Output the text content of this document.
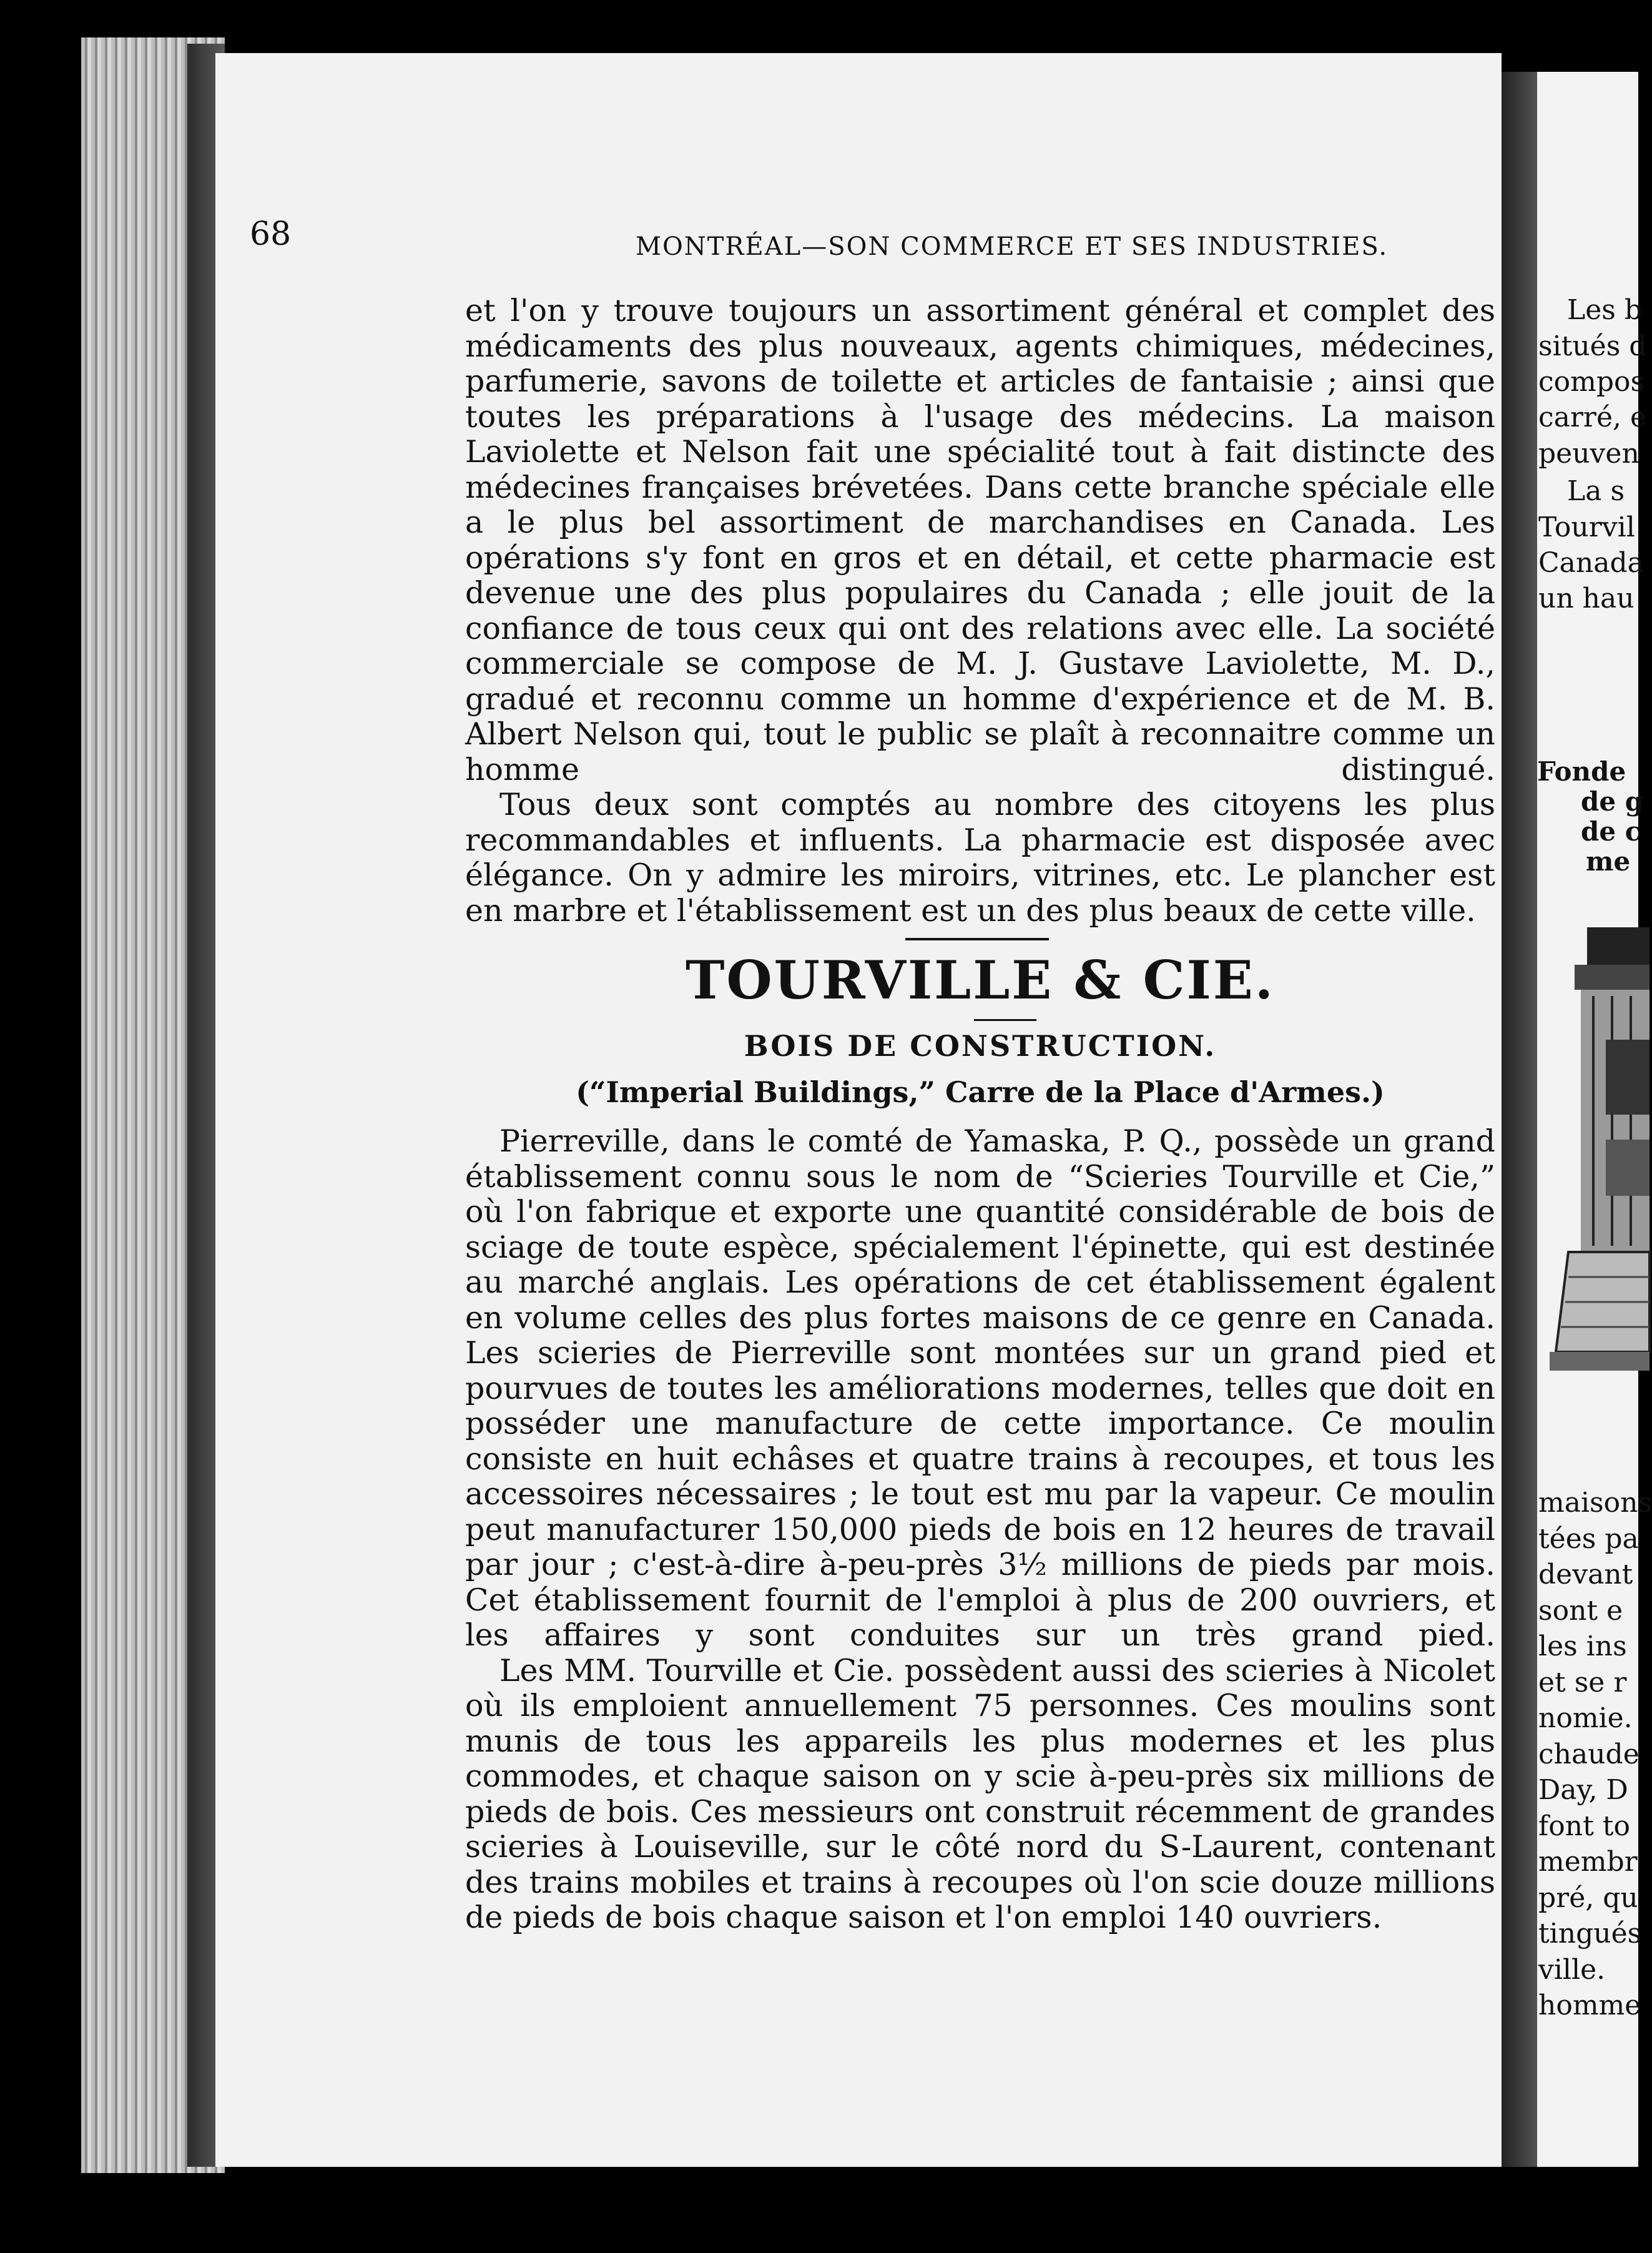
Les b
situés d
compos
carré, e
peuven
La s
Tourvil
Canada
un hau
Fonde
de g
de c
me
maisons
tées pa
devant
sont e
les ins
et se r
nomie.
chaude
Day, D
font to
membr
pré, qu
tingués
ville.
homme
68	MONTRÉAL—SON COMMERCE ET SES INDUSTRIES.

et l'on y trouve toujours un assortiment général et complet des médicaments des plus nouveaux, agents chimiques, médecines, parfumerie, savons de toilette et articles de fantaisie ; ainsi que toutes les préparations à l'usage des médecins. La maison Laviolette et Nelson fait une spécialité tout à fait distincte des médecines françaises brévetées. Dans cette branche spéciale elle a le plus bel assortiment de marchandises en Canada. Les opérations s'y font en gros et en détail, et cette pharmacie est devenue une des plus populaires du Canada ; elle jouit de la confiance de tous ceux qui ont des relations avec elle. La société commerciale se compose de M. J. Gustave Laviolette, M. D., gradué et reconnu comme un homme d'expérience et de M. B. Albert Nelson qui, tout le public se plaît à reconnaitre comme un homme distingué.

Tous deux sont comptés au nombre des citoyens les plus recommandables et influents. La pharmacie est disposée avec élégance. On y admire les miroirs, vitrines, etc. Le plancher est en marbre et l'établissement est un des plus beaux de cette ville.

TOURVILLE & CIE.
BOIS DE CONSTRUCTION.
(“Imperial Buildings,” Carre de la Place d'Armes.)

Pierreville, dans le comté de Yamaska, P. Q., possède un grand établissement connu sous le nom de “Scieries Tourville et Cie,” où l'on fabrique et exporte une quantité considérable de bois de sciage de toute espèce, spécialement l'épinette, qui est destinée au marché anglais. Les opérations de cet établissement égalent en volume celles des plus fortes maisons de ce genre en Canada. Les scieries de Pierreville sont montées sur un grand pied et pourvues de toutes les améliorations modernes, telles que doit en posséder une manufacture de cette importance. Ce moulin consiste en huit echâses et quatre trains à recoupes, et tous les accessoires nécessaires ; le tout est mu par la vapeur. Ce moulin peut manufacturer 150,000 pieds de bois en 12 heures de travail par jour ; c'est-à-dire à-peu-près 3½ millions de pieds par mois. Cet établissement fournit de l'emploi à plus de 200 ouvriers, et les affaires y sont conduites sur un très grand pied.

Les MM. Tourville et Cie. possèdent aussi des scieries à Nicolet où ils emploient annuellement 75 personnes. Ces moulins sont munis de tous les appareils les plus modernes et les plus commodes, et chaque saison on y scie à-peu-près six millions de pieds de bois. Ces messieurs ont construit récemment de grandes scieries à Louiseville, sur le côté nord du S-Laurent, contenant des trains mobiles et trains à recoupes où l'on scie douze millions de pieds de bois chaque saison et l'on emploi 140 ouvriers.
